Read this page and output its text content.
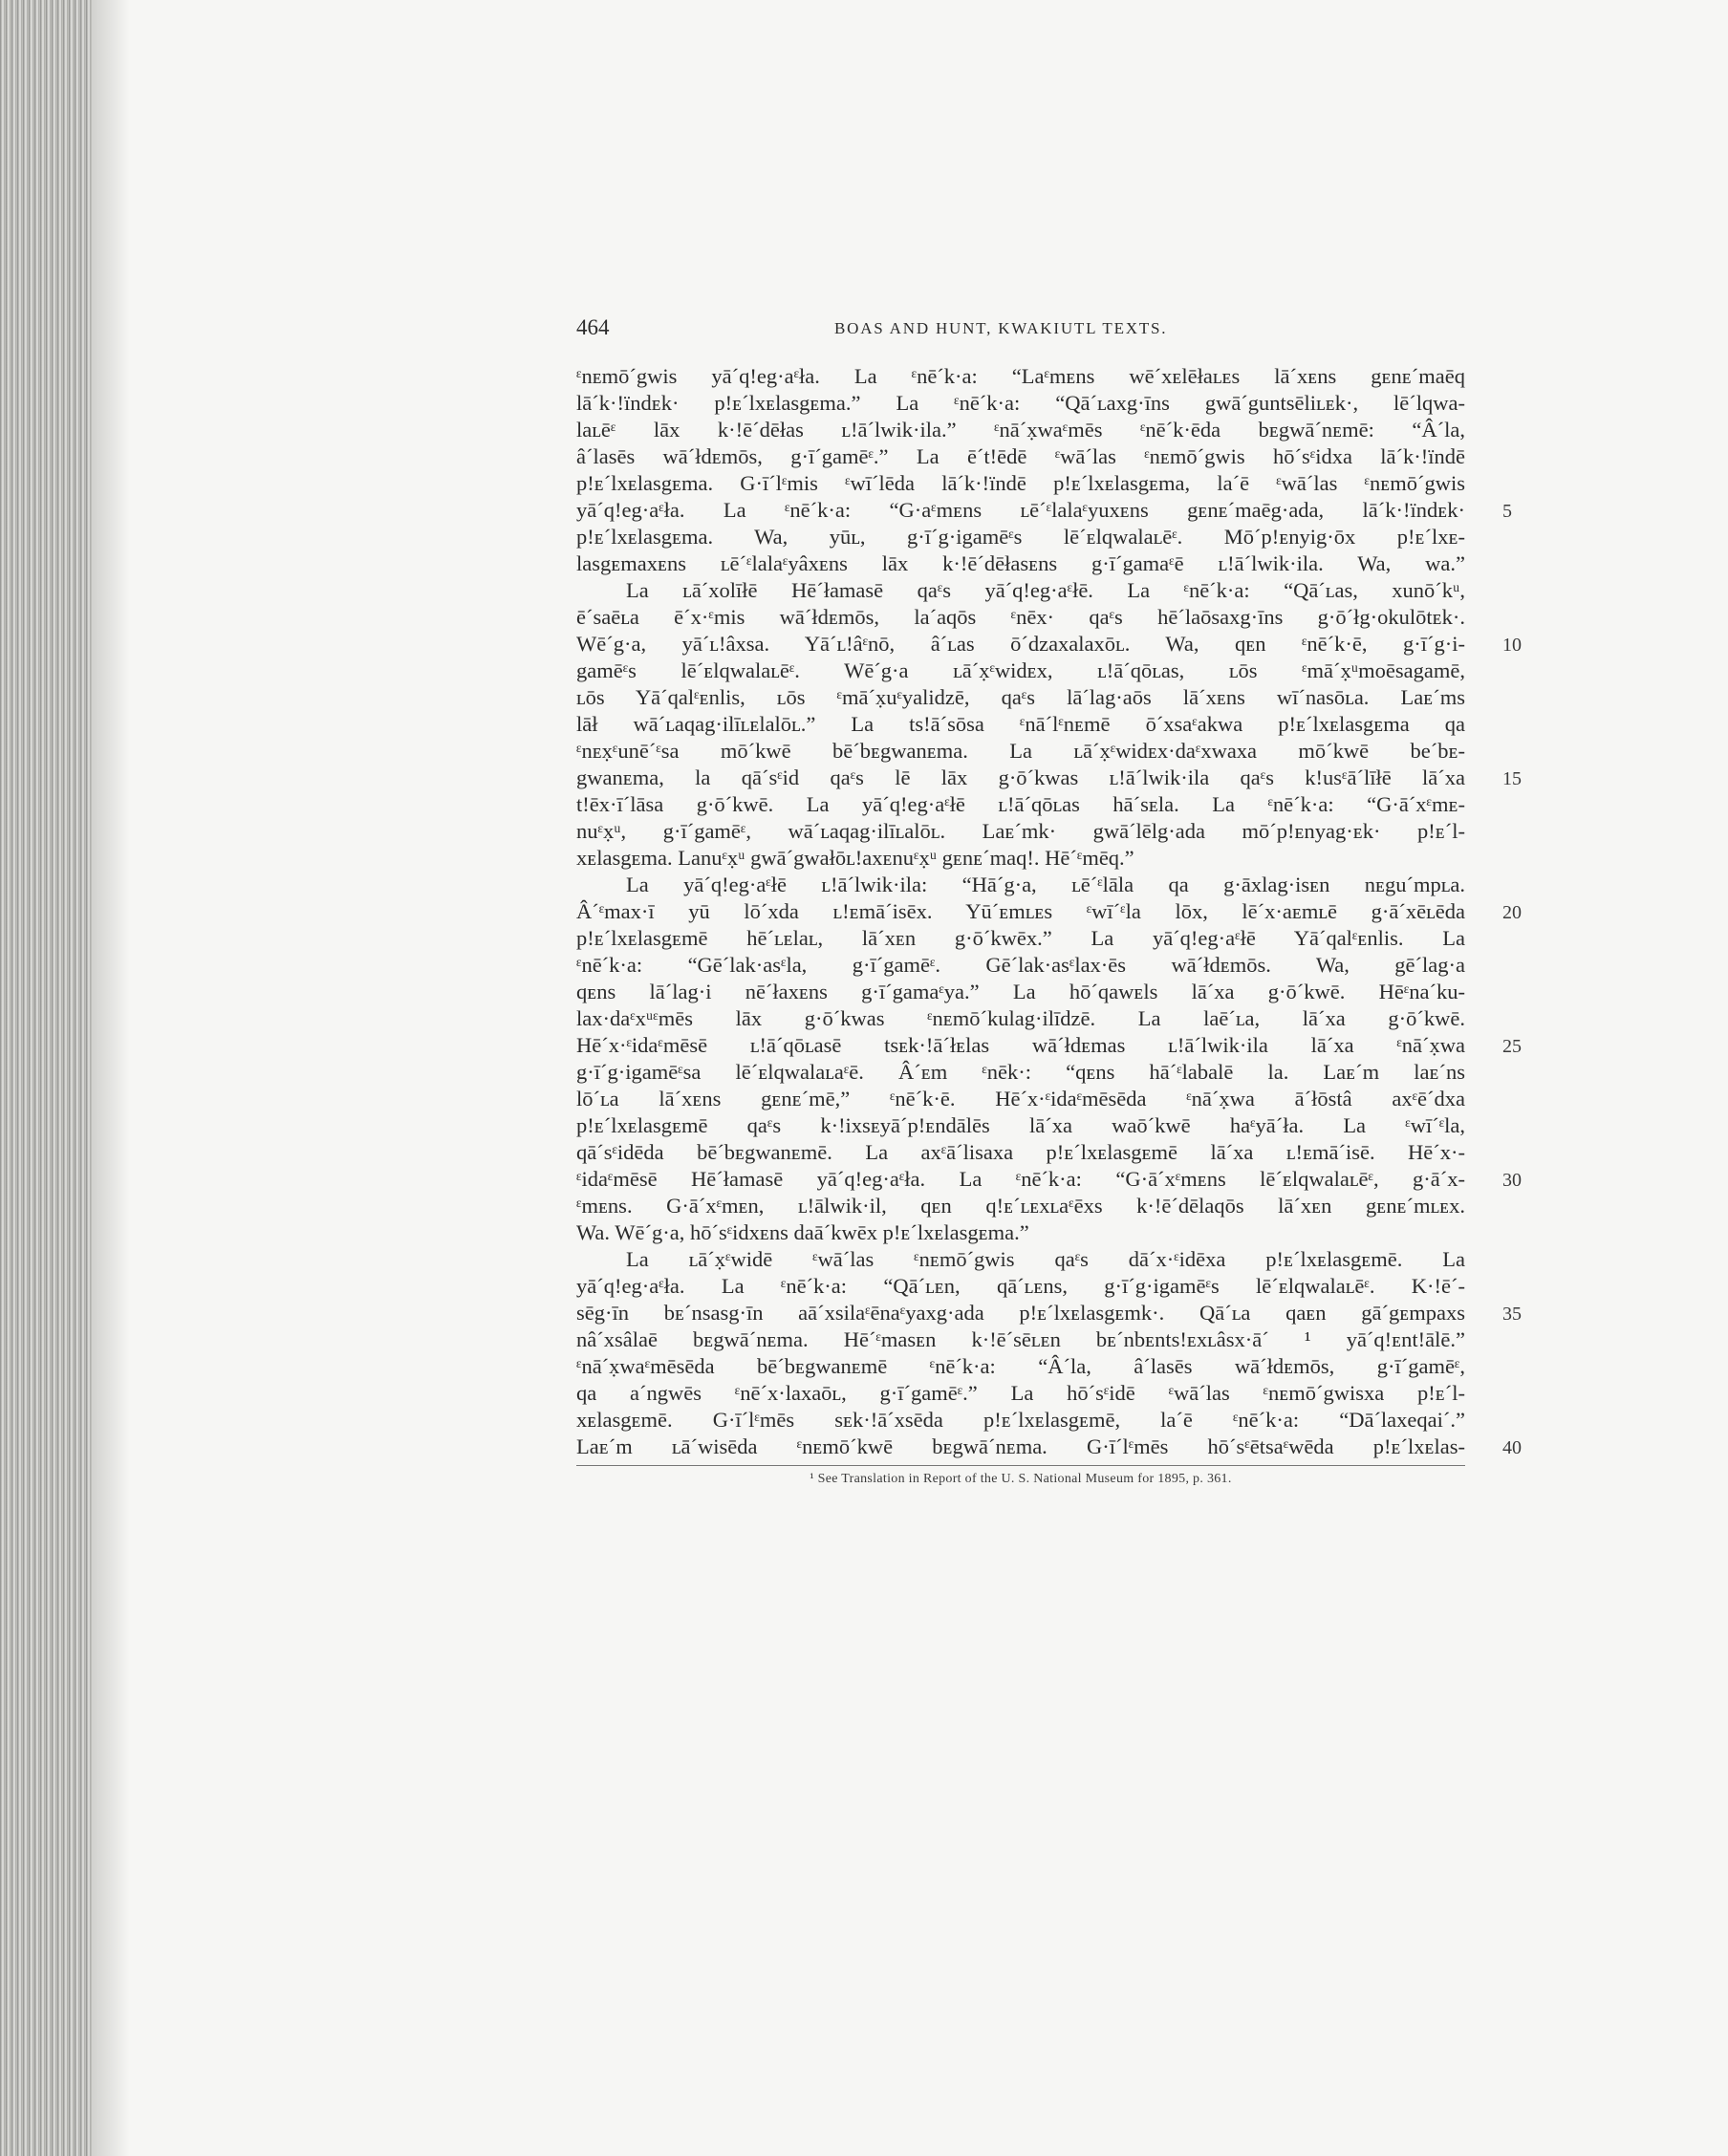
464	BOAS AND HUNT, KWAKIUTL TEXTS.
ᵋnᴇmō´gwis yā´q!eg·aᵋła. La ᵋnē´k·a: “Laᵋmᴇns wē´xᴇlēłaʟᴇs lā´xᴇns gᴇnᴇ´maēq
lā´k·!ïndᴇk· p!ᴇ´lxᴇlasgᴇma.” La ᵋnē´k·a: “Qā´ʟaxg·īns gwā´guntsēliʟᴇk·, lē´lqwa-
laʟēᵋ lāx k·!ē´dēłas ʟ!ā´lwik·ila.” ᵋnā´x̣waᵋmēs ᵋnē´k·ēda bᴇgwā´nᴇmē: “Â´la,
â´lasēs wā´łdᴇmōs, g·ī´gamēᵋ.” La ē´t!ēdē ᵋwā´las ᵋnᴇmō´gwis hō´sᵋidxa lā´k·!ïndē
p!ᴇ´lxᴇlasgᴇma. G·ī´lᵋmis ᵋwī´lēda lā´k·!ïndē p!ᴇ´lxᴇlasgᴇma, la´ē ᵋwā´las ᵋnᴇmō´gwis
yā´q!eg·aᵋła. La ᵋnē´k·a: “G·aᵋmᴇns ʟē´ᵋlalaᵋyuxᴇns gᴇnᴇ´maēg·ada, lā´k·!ïndᴇk·
p!ᴇ´lxᴇlasgᴇma. Wa, yūʟ, g·ī´g·igamēᵋs lē´ᴇlqwalaʟēᵋ. Mō´p!ᴇnyig·ōx p!ᴇ´lxᴇ-
lasgᴇmaxᴇns ʟē´ᵋlalaᵋyâxᴇns lāx k·!ē´dēłasᴇns g·ī´gamaᵋē ʟ!ā´lwik·ila. Wa, wa.”
La ʟā´xolīłē Hē´łamasē qaᵋs yā´q!eg·aᵋłē. La ᵋnē´k·a: “Qā´ʟas, xunō´kᵘ,
ē´saēʟa ē´x·ᵋmis wā´łdᴇmōs, la´aqōs ᵋnēx· qaᵋs hē´laōsaxg·īns g·ō´łg·okulōtᴇk·.
Wē´g·a, yā´ʟ!âxsa. Yā´ʟ!âᵋnō, â´ʟas ō´dzaxalaxōʟ. Wa, qᴇn ᵋnē´k·ē, g·ī´g·i-
gamēᵋs lē´ᴇlqwalaʟēᵋ. Wē´g·a ʟā´x̣ᵋwidᴇx, ʟ!ā´qōʟas, ʟōs ᵋmā´x̣ᵘmoēsagamē,
ʟōs Yā´qalᵋᴇnlis, ʟōs ᵋmā´x̣uᵋyalidzē, qaᵋs lā´lag·aōs lā´xᴇns wī´nasōʟa. Laᴇ´ms
lāł wā´ʟaqag·ilīʟᴇlalōʟ.” La ts!ā´sōsa ᵋnā´lᵋnᴇmē ō´xsaᵋakwa p!ᴇ´lxᴇlasgᴇma qa
ᵋnᴇx̣ᵋunē´ᵋsa mō´kwē bē´bᴇgwanᴇma. La ʟā´x̣ᵋwidᴇx·daᵋxwaxa mō´kwē be´bᴇ-
gwanᴇma, la qā´sᵋid qaᵋs lē lāx g·ō´kwas ʟ!ā´lwik·ila qaᵋs k!usᵋā´līłē lā´xa
t!ēx·ī´lāsa g·ō´kwē. La yā´q!eg·aᵋłē ʟ!ā´qōʟas hā´sᴇla. La ᵋnē´k·a: “G·ā´xᵋmᴇ-
nuᵋx̣ᵘ, g·ī´gamēᵋ, wā´ʟaqag·ilīʟalōʟ. Laᴇ´mk· gwā´lēlg·ada mō´p!ᴇnyag·ᴇk· p!ᴇ´l-
xᴇlasgᴇma. Lanuᵋx̣ᵘ gwā´gwałōʟ!axᴇnuᵋx̣ᵘ gᴇnᴇ´maq!. Hē´ᵋmēq.”
La yā´q!eg·aᵋłē ʟ!ā´lwik·ila: “Hā´g·a, ʟē´ᵋlāla qa g·āxlag·isᴇn nᴇgu´mpʟa.
Â´ᵋmax·ī yū lō´xda ʟ!ᴇmā´isēx. Yū´ᴇmʟᴇs ᵋwī´ᵋla lōx, lē´x·aᴇmʟē g·ā´xēʟēda
p!ᴇ´lxᴇlasgᴇmē hē´ʟᴇlaʟ, lā´xᴇn g·ō´kwēx.” La yā´q!eg·aᵋłē Yā´qalᵋᴇnlis. La
ᵋnē´k·a: “Gē´lak·asᵋla, g·ī´gamēᵋ. Gē´lak·asᵋlax·ēs wā´łdᴇmōs. Wa, gē´lag·a
qᴇns lā´lag·i nē´łaxᴇns g·ī´gamaᵋya.” La hō´qawᴇls lā´xa g·ō´kwē. Hēᵋna´ku-
lax·daᵋxᵘᵋmēs lāx g·ō´kwas ᵋnᴇmō´kulag·ilīdzē. La laē´ʟa, lā´xa g·ō´kwē.
Hē´x·ᵋidaᵋmēsē ʟ!ā´qōʟasē tsᴇk·!ā´łᴇlas wā´łdᴇmas ʟ!ā´lwik·ila lā´xa ᵋnā´x̣wa
g·ī´g·igamēᵋsa lē´ᴇlqwalaʟaᵋē. Â´ᴇm ᵋnēk·: “qᴇns hā´ᵋlabalē la. Laᴇ´m laᴇ´ns
lō´ʟa lā´xᴇns gᴇnᴇ´mē,” ᵋnē´k·ē. Hē´x·ᵋidaᵋmēsēda ᵋnā´x̣wa ā´łōstâ axᵋē´dxa
p!ᴇ´lxᴇlasgᴇmē qaᵋs k·!ixsᴇyā´p!ᴇndālēs lā´xa waō´kwē haᵋyā´ła. La ᵋwī´ᵋla,
qā´sᵋidēda bē´bᴇgwanᴇmē. La axᵋā´lisaxa p!ᴇ´lxᴇlasgᴇmē lā´xa ʟ!ᴇmā´isē. Hē´x·-
ᵋidaᵋmēsē Hē´łamasē yā´q!eg·aᵋła. La ᵋnē´k·a: “G·ā´xᵋmᴇns lē´ᴇlqwalaʟēᵋ, g·ā´x-
ᵋmᴇns. G·ā´xᵋmᴇn, ʟ!ālwik·il, qᴇn q!ᴇ´ʟᴇxʟaᵋēxs k·!ē´dēlaqōs lā´xᴇn gᴇnᴇ´mʟᴇx.
Wa. Wē´g·a, hō´sᵋidxᴇns daā´kwēx p!ᴇ´lxᴇlasgᴇma.”
La ʟā´x̣ᵋwidē ᵋwā´las ᵋnᴇmō´gwis qaᵋs dā´x·ᵋidēxa p!ᴇ´lxᴇlasgᴇmē. La
yā´q!eg·aᵋła. La ᵋnē´k·a: “Qā´ʟᴇn, qā´ʟᴇns, g·ī´g·igamēᵋs lē´ᴇlqwalaʟēᵋ. K·!ē´-
sēg·īn bᴇ´nsasg·īn aā´xsilaᵋēnaᵋyaxg·ada p!ᴇ´lxᴇlasgᴇmk·. Qā´ʟa qaᴇn gā´gᴇmpaxs
nâ´xsâlaē bᴇgwā´nᴇma. Hē´ᵋmasᴇn k·!ē´sēʟᴇn bᴇ´nbᴇnts!ᴇxʟâsx·ā´ ¹ yā´q!ᴇnt!ālē.”
ᵋnā´x̣waᵋmēsēda bē´bᴇgwanᴇmē ᵋnē´k·a: “Â´la, â´lasēs wā´łdᴇmōs, g·ī´gamēᵋ,
qa a´ngwēs ᵋnē´x·laxaōʟ, g·ī´gamēᵋ.” La hō´sᵋidē ᵋwā´las ᵋnᴇmō´gwisxa p!ᴇ´l-
xᴇlasgᴇmē. G·ī´lᵋmēs sᴇk·!ā´xsēda p!ᴇ´lxᴇlasgᴇmē, la´ē ᵋnē´k·a: “Dā´laxeqai´.”
Laᴇ´m ʟā´wisēda ᵋnᴇmō´kwē bᴇgwā´nᴇma. G·ī´lᵋmēs hō´sᵋētsaᵋwēda p!ᴇ´lxᴇlas-
5
10
15
20
25
30
35
40
¹ See Translation in Report of the U. S. National Museum for 1895, p. 361.
